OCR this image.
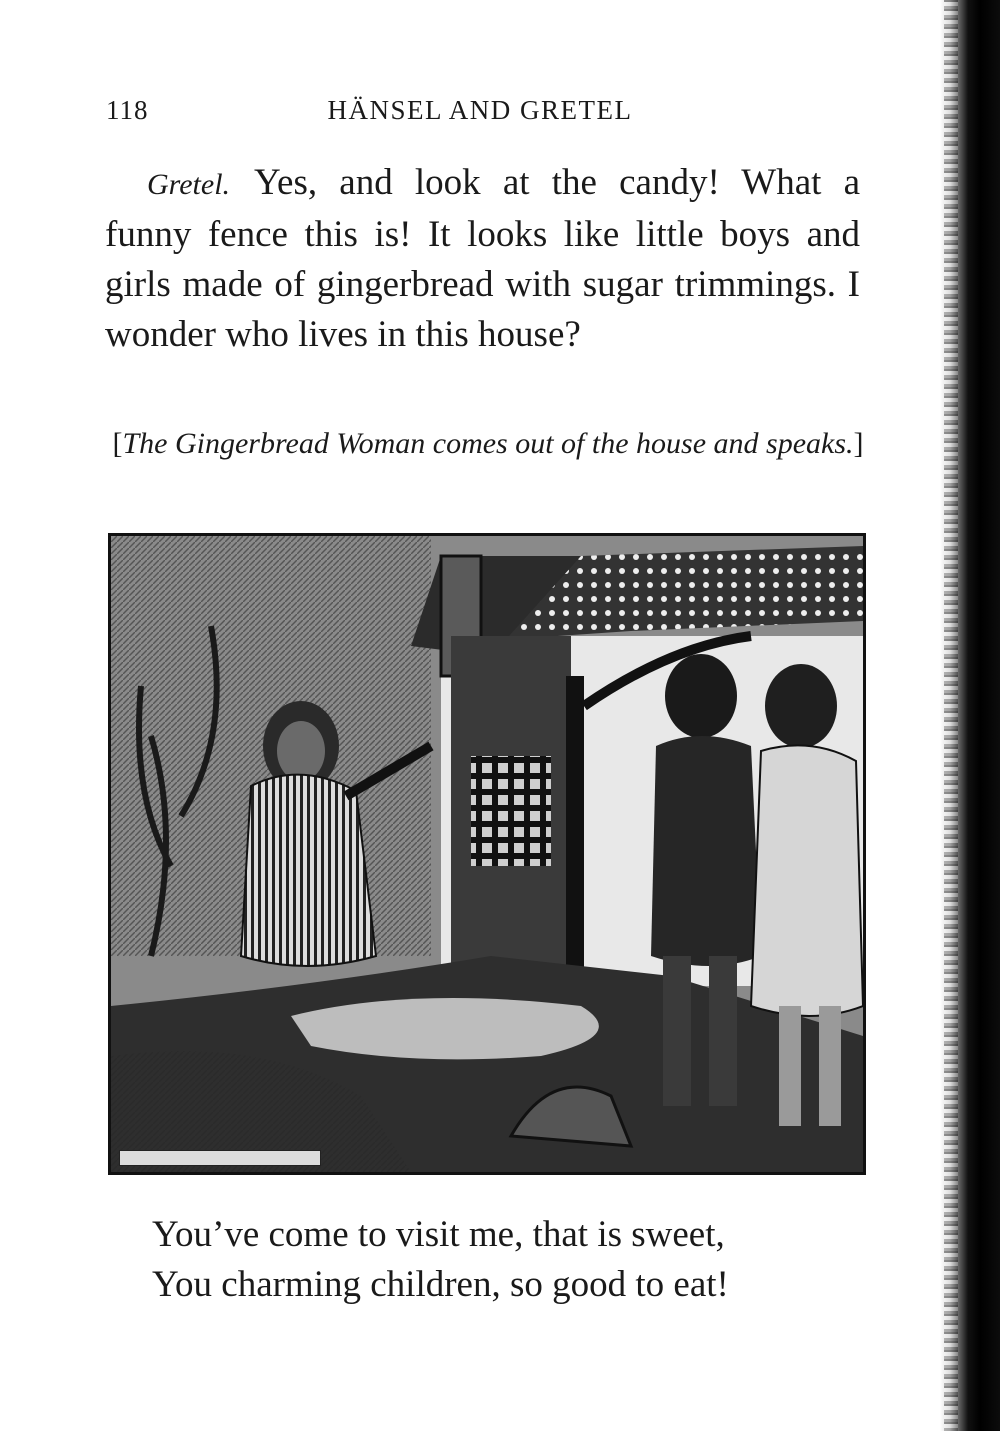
118	HÄNSEL AND GRETEL
Gretel. Yes, and look at the candy! What a funny fence this is! It looks like little boys and girls made of gingerbread with sugar trimmings. I wonder who lives in this house?
[The Gingerbread Woman comes out of the house and speaks.]
You’ve come to visit me, that is sweet,
You charming children, so good to eat!
